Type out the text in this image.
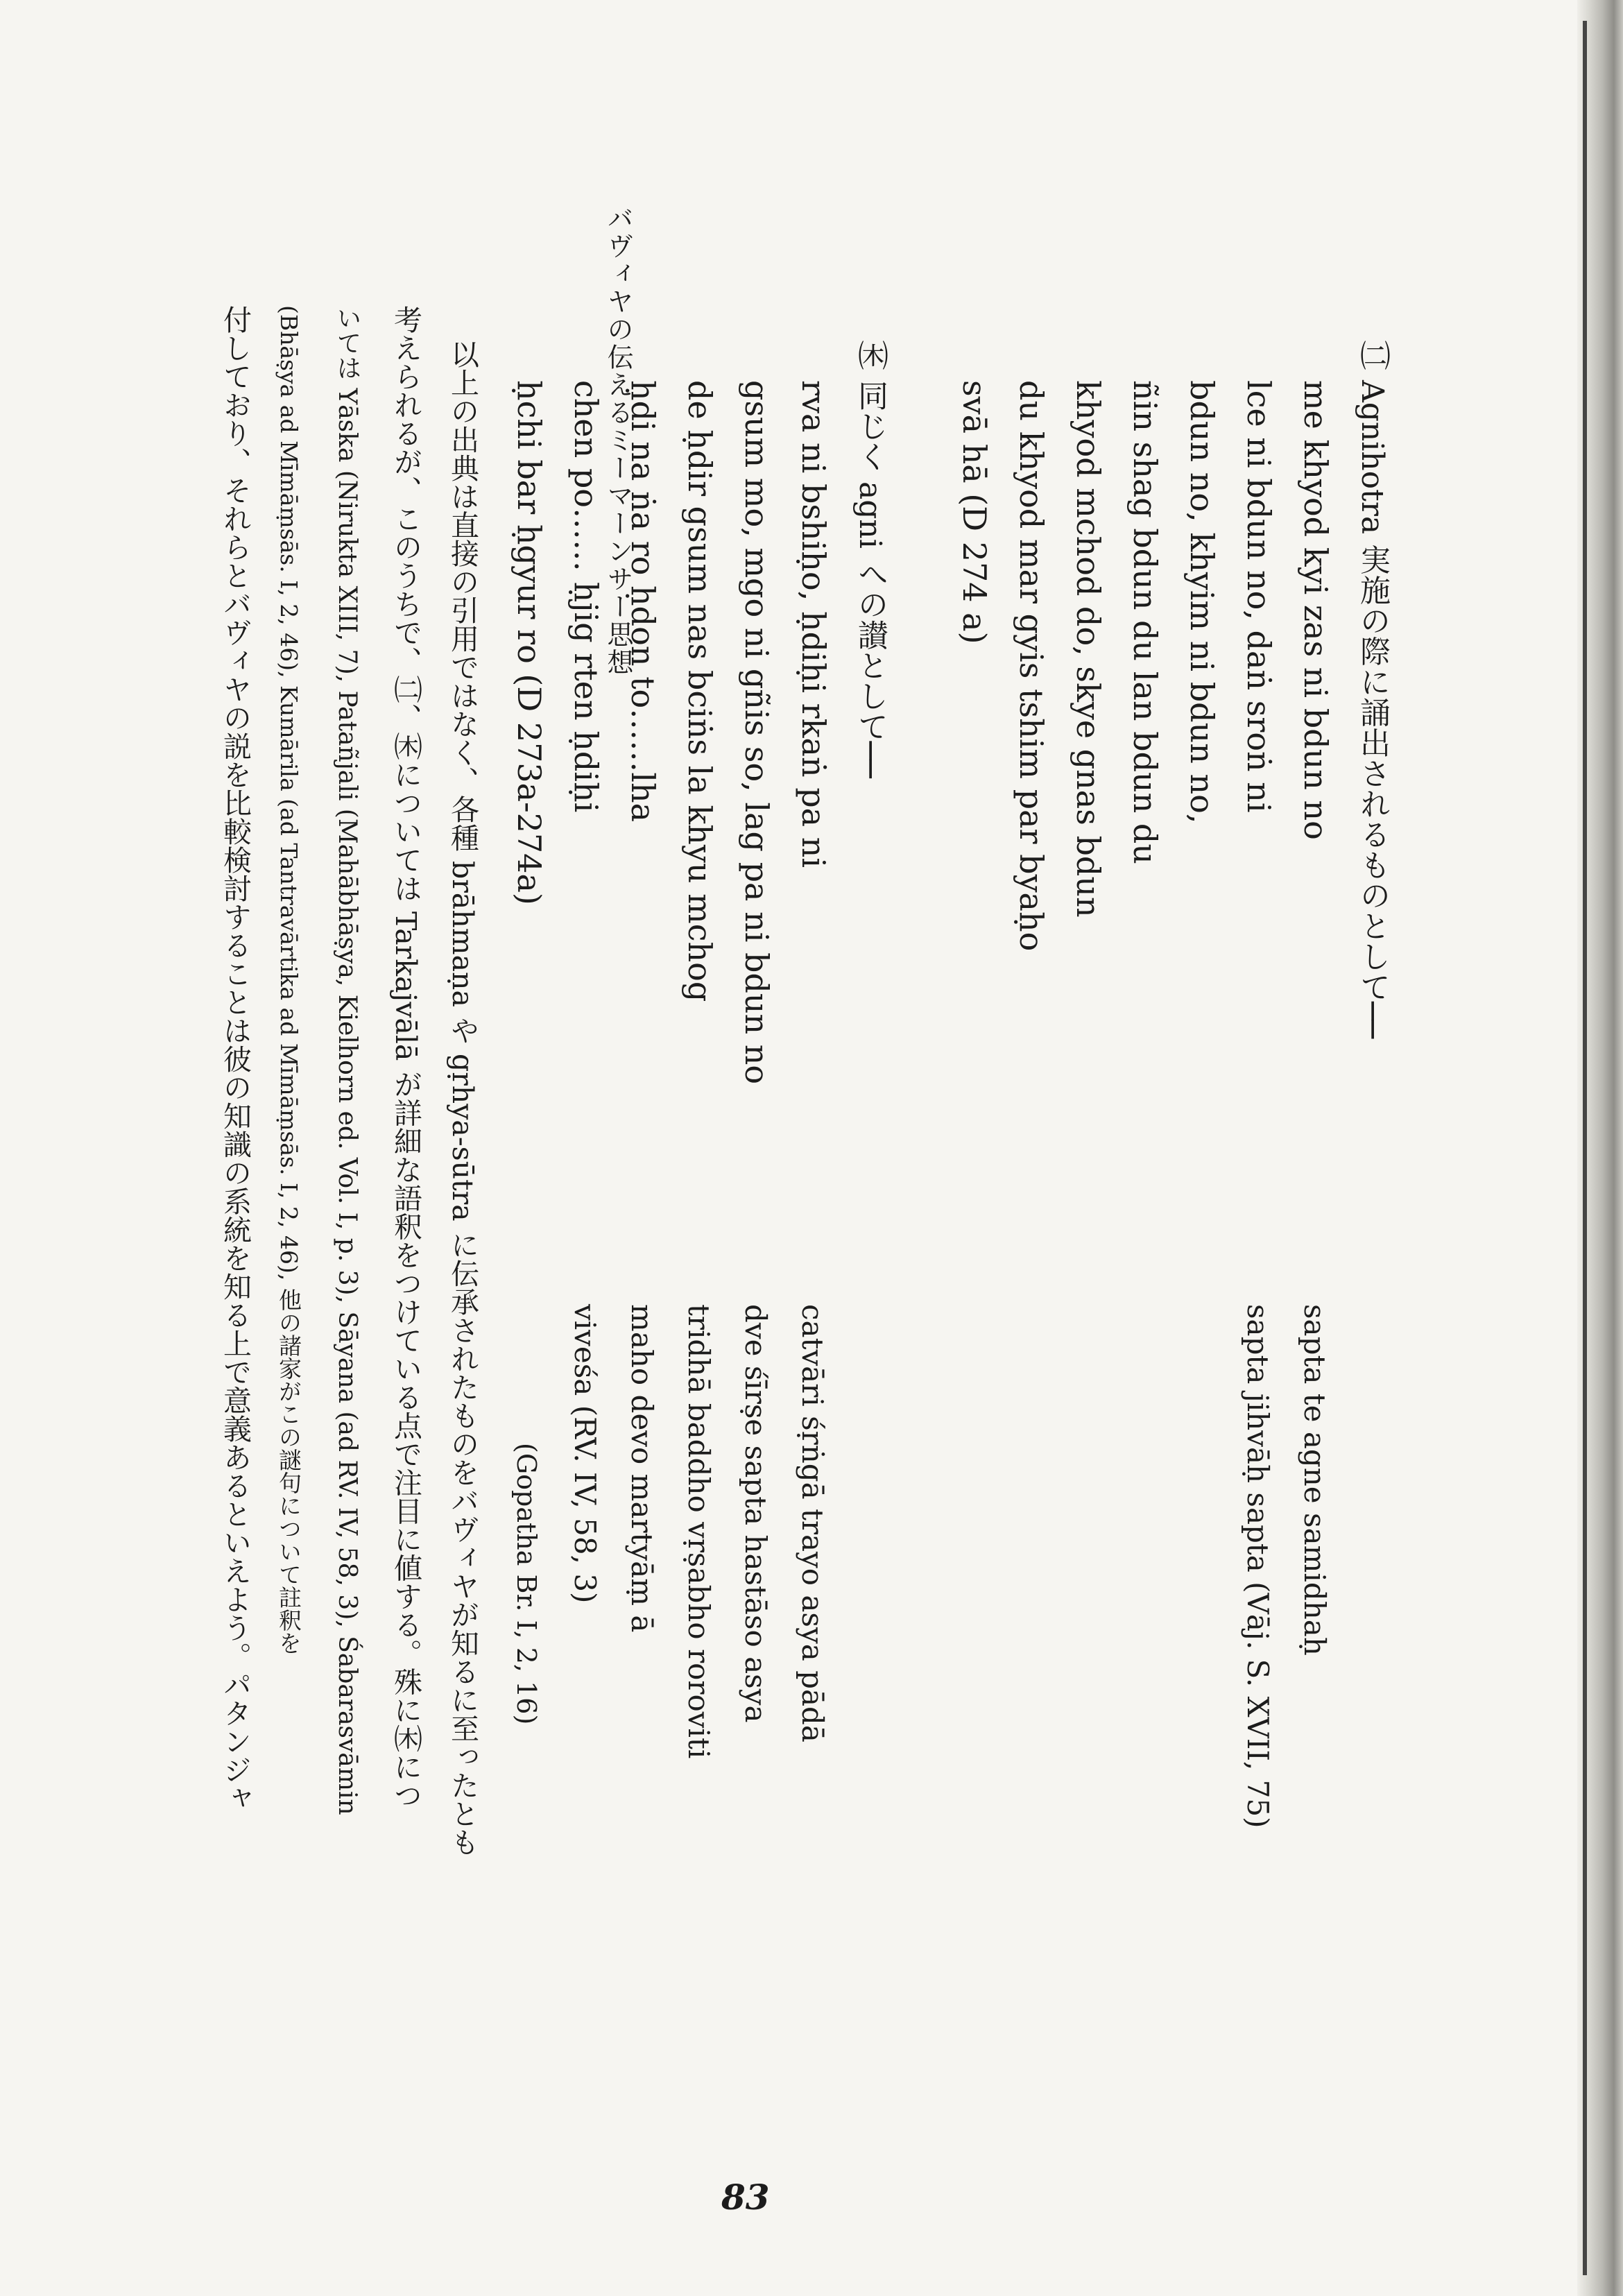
バヴィヤの伝えるミーマーンサー思想	㈡ Agnihotra 実施の際に誦出されるものとして──
me khyod kyi zas ni bdun no
lce ni bdun no, daṅ sroṅ ni
bdun no, khyim ni bdun no,
ñin shag bdun du lan bdun du
khyod mchod do, skye gnas bdun
du khyod mar gyis tshim par byaḥo
svā hā (D 274 a)
sapta te agne samidhaḥ
sapta jihvāḥ sapta (Vāj. S. XVII, 75)
㈭ 同じく agni への讃として──
rva ni bshiḥo, ḥdiḥi rkaṅ pa ni
gsum mo, mgo ni gñis so, lag pa ni bdun no
de ḥdir gsum nas bciṅs la khyu mchog
ḥdi na ṅa ro ḥdon to……lha
chen po…… ḥjig rten ḥdiḥi
ḥchi bar ḥgyur ro (D 273a-274a)
catvāri śṛṅgā trayo asya pādā
dve śīrṣe sapta hastāso asya
tridhā baddho vṛṣabho roroviti
maho devo martyāṃ ā
viveśa (RV. IV, 58, 3)
(Gopatha Br. I, 2, 16)
以上の出典は直接の引用ではなく、各種 brāhmaṇa や gṛhya-sūtra に伝承されたものをバヴィヤが知るに至ったとも
考えられるが、このうちで、㈡、㈭については Tarkajvālā が詳細な語釈をつけている点で注目に値する。殊に㈭につ
いては Yāska (Nirukta XIII, 7), Patañjali (Mahābhāṣya, Kielhorn ed. Vol. I, p. 3), Sāyana (ad RV. IV, 58, 3), Śabarasvāmin
(Bhāṣya ad Mīmāṃsās. I, 2, 46), Kumārila (ad Tantravārtika ad Mīmāṃsās. I, 2, 46), 他の諸家がこの謎句について註釈を
付しており、それらとバヴィヤの説を比較検討することは彼の知識の系統を知る上で意義あるといえよう。パタンジャ
83
